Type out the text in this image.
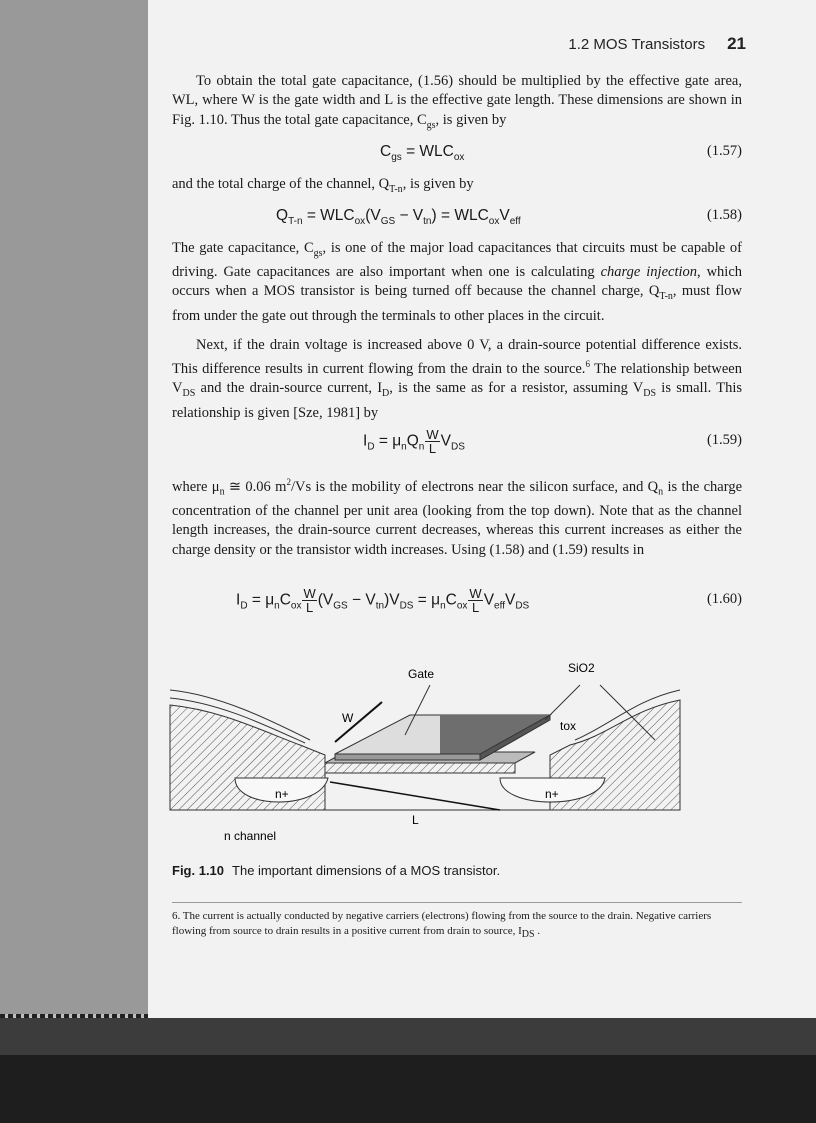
1.2 MOS Transistors 21
To obtain the total gate capacitance, (1.56) should be multiplied by the effective gate area, WL, where W is the gate width and L is the effective gate length. These dimensions are shown in Fig. 1.10. Thus the total gate capacitance, $C_{gs}$, is given by
$C_{gs} = WLC_{ox}$	(1.57)
and the total charge of the channel, $Q_{T-n}$, is given by
$Q_{T-n} = WLC_{ox}(V_{GS} - V_{tn}) = WLC_{ox}V_{eff}$	(1.58)
The gate capacitance, $C_{gs}$, is one of the major load capacitances that circuits must be capable of driving. Gate capacitances are also important when one is calculating charge injection, which occurs when a MOS transistor is being turned off because the channel charge, $Q_{T-n}$, must flow from under the gate out through the terminals to other places in the circuit.
Next, if the drain voltage is increased above 0 V, a drain-source potential difference exists. This difference results in current flowing from the drain to the source.$^6$ The relationship between $V_{DS}$ and the drain-source current, $I_D$, is the same as for a resistor, assuming $V_{DS}$ is small. This relationship is given [Sze, 1981] by
$I_D = \mu_nQ_n \frac{W}{L} V_{DS}$	(1.59)
where $\mu_n$ ≅ 0.06 $m^2/Vs$ is the mobility of electrons near the silicon surface, and $Q_n$ is the charge concentration of the channel per unit area (looking from the top down). Note that as the channel length increases, the drain-source current decreases, whereas this current increases as either the charge density or the transistor width increases. Using (1.58) and (1.59) results in
$I_D = \mu_nC_{ox} \frac{W}{L} (V_{GS} - V_{tn})V_{DS} = \mu_nC_{ox} \frac{W}{L} V_{eff}V_{DS}$	(1.60)
Fig. 1.10 The important dimensions of a MOS transistor.
6. The current is actually conducted by negative carriers (electrons) flowing from the source to the drain. Negative carriers flowing from source to drain results in a positive current from drain to source, $I_{DS}$ .
Gate	SiO2
W
tox
n+	n+
L
n channel
